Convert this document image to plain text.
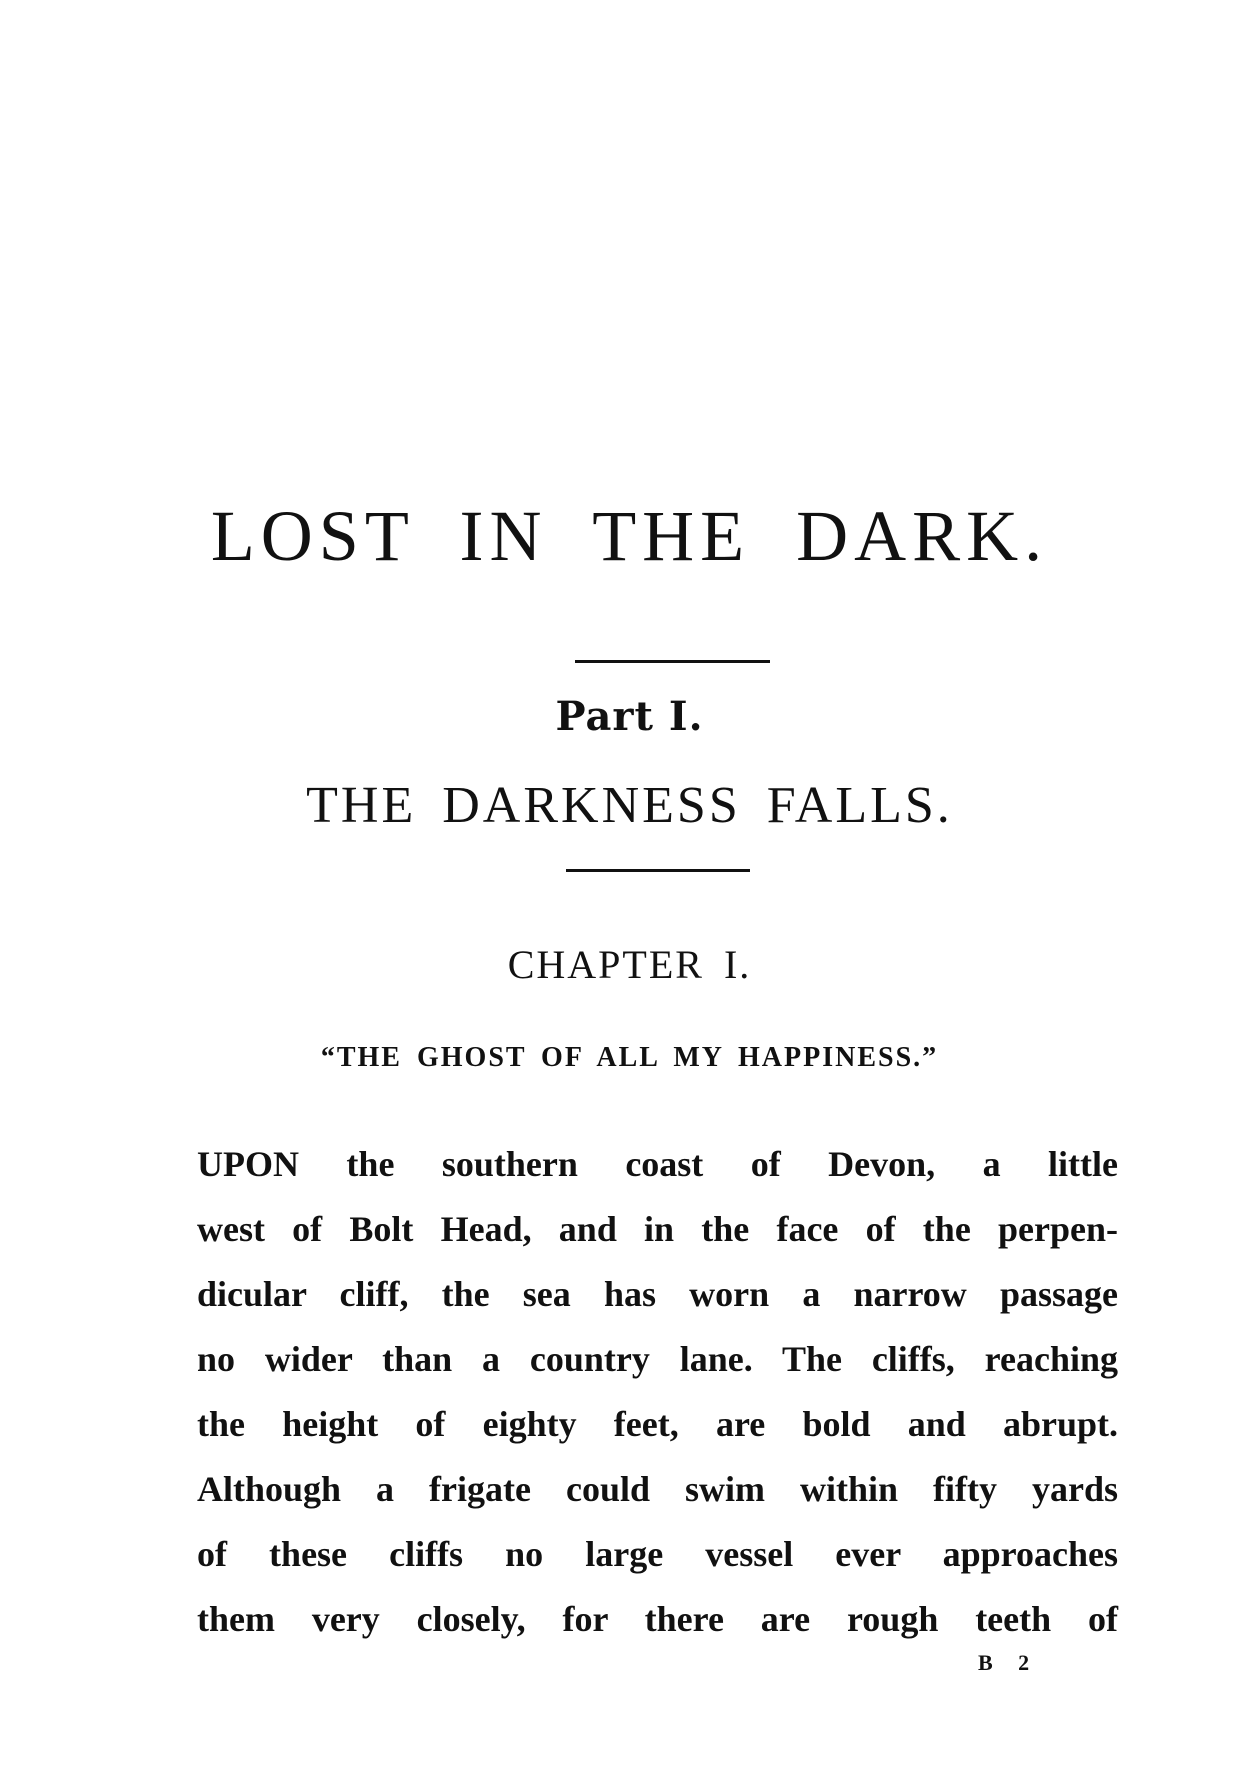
LOST IN THE DARK.
Part I.
THE DARKNESS FALLS.
CHAPTER I.
“THE GHOST OF ALL MY HAPPINESS.”

UPON the southern coast of Devon, a little
west of Bolt Head, and in the face of the perpen-
dicular cliff, the sea has worn a narrow passage
no wider than a country lane. The cliffs, reaching
the height of eighty feet, are bold and abrupt.
Although a frigate could swim within fifty yards
of these cliffs no large vessel ever approaches
them very closely, for there are rough teeth of

B 2
